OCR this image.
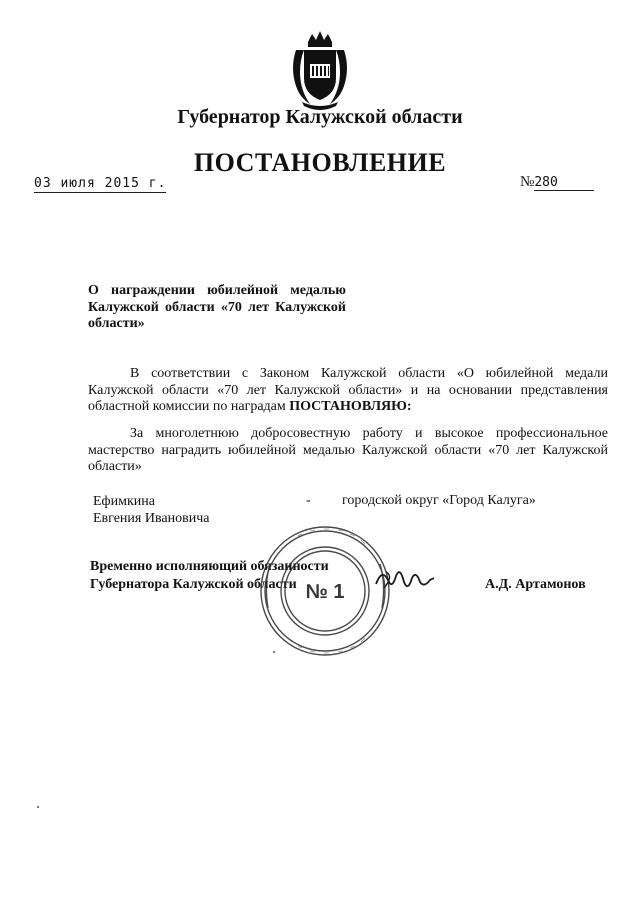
Губернатор Калужской области
ПОСТАНОВЛЕНИЕ
03 июля 2015 г.	№280
О награждении юбилейной медалью Калужской области «70 лет Калужской области»
В соответствии с Законом Калужской области «О юбилейной медали Калужской области «70 лет Калужской области» и на основании представления областной комиссии по наградам ПОСТАНОВЛЯЮ:
За многолетнюю добросовестную работу и высокое профессиональное мастерство наградить юбилейной медалью Калужской области «70 лет Калужской области»
Ефимкина
Евгения Ивановича
- городской округ «Город Калуга»
Временно исполняющий обязанности
Губернатора Калужской области	А.Д. Артамонов
№ 1
